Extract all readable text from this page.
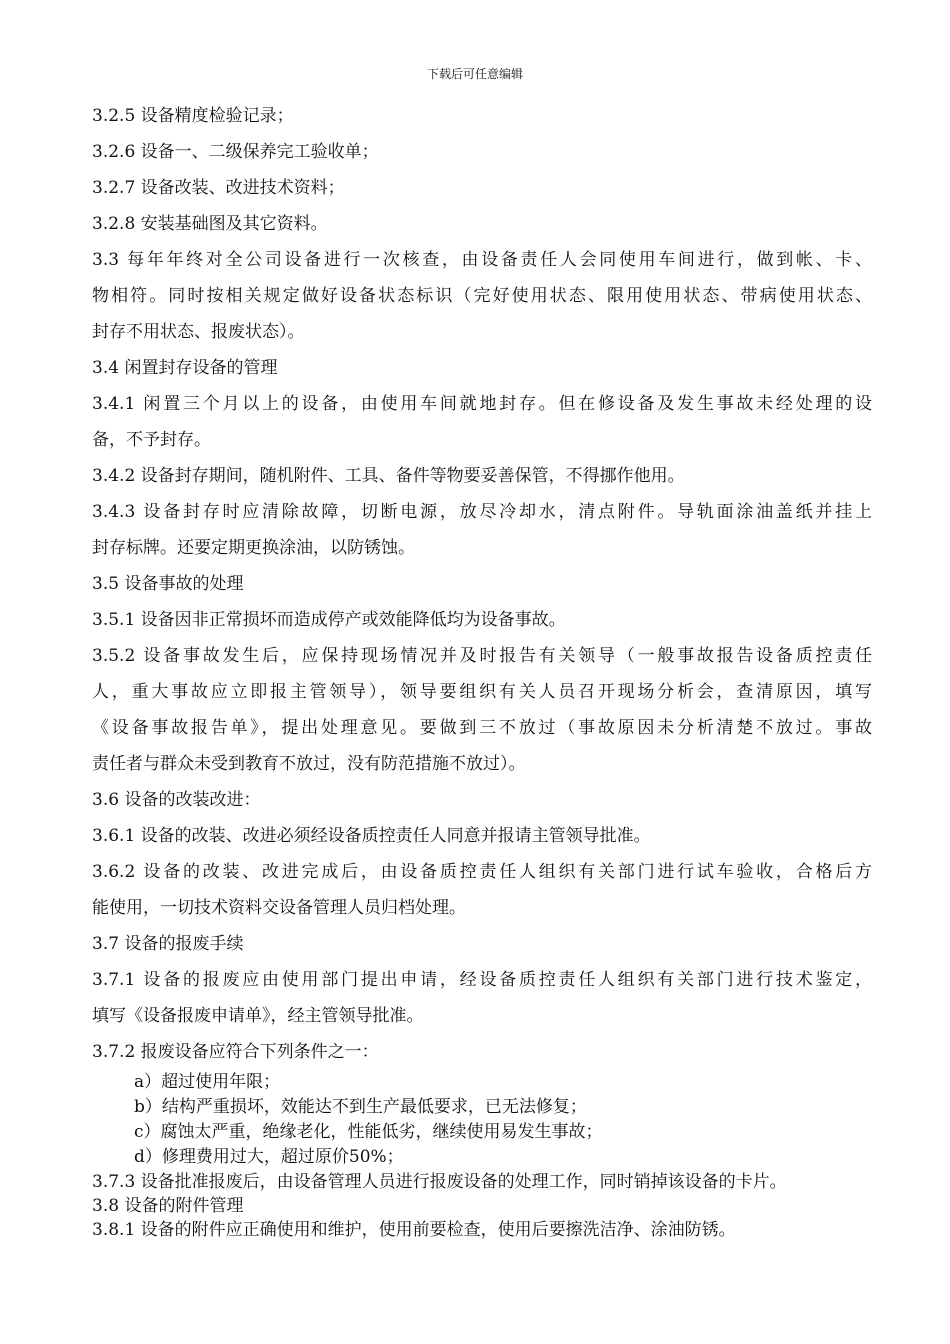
下载后可任意编辑
3.2.5 设备精度检验记录；
3.2.6 设备一、二级保养完工验收单；
3.2.7 设备改装、改进技术资料；
3.2.8 安装基础图及其它资料。
3.3 每年年终对全公司设备进行一次核查，由设备责任人会同使用车间进行，做到帐、卡、
物相符。同时按相关规定做好设备状态标识（完好使用状态、限用使用状态、带病使用状态、
封存不用状态、报废状态）。
3.4 闲置封存设备的管理
3.4.1 闲置三个月以上的设备，由使用车间就地封存。但在修设备及发生事故未经处理的设
备，不予封存。
3.4.2 设备封存期间，随机附件、工具、备件等物要妥善保管，不得挪作他用。
3.4.3 设备封存时应清除故障，切断电源，放尽冷却水，清点附件。导轨面涂油盖纸并挂上
封存标牌。还要定期更换涂油，以防锈蚀。
3.5 设备事故的处理
3.5.1 设备因非正常损坏而造成停产或效能降低均为设备事故。
3.5.2 设备事故发生后，应保持现场情况并及时报告有关领导（一般事故报告设备质控责任
人，重大事故应立即报主管领导），领导要组织有关人员召开现场分析会，查清原因，填写
《设备事故报告单》，提出处理意见。要做到三不放过（事故原因未分析清楚不放过。事故
责任者与群众未受到教育不放过，没有防范措施不放过）。
3.6 设备的改装改进：
3.6.1 设备的改装、改进必须经设备质控责任人同意并报请主管领导批准。
3.6.2 设备的改装、改进完成后，由设备质控责任人组织有关部门进行试车验收，合格后方
能使用，一切技术资料交设备管理人员归档处理。
3.7 设备的报废手续
3.7.1 设备的报废应由使用部门提出申请，经设备质控责任人组织有关部门进行技术鉴定，
填写《设备报废申请单》，经主管领导批准。
3.7.2 报废设备应符合下列条件之一：
a）超过使用年限；
b）结构严重损坏，效能达不到生产最低要求，已无法修复；
c）腐蚀太严重，绝缘老化，性能低劣，继续使用易发生事故；
d）修理费用过大，超过原价50%；
3.7.3 设备批准报废后，由设备管理人员进行报废设备的处理工作，同时销掉该设备的卡片。
3.8 设备的附件管理
3.8.1 设备的附件应正确使用和维护，使用前要检查，使用后要擦洗洁净、涂油防锈。
